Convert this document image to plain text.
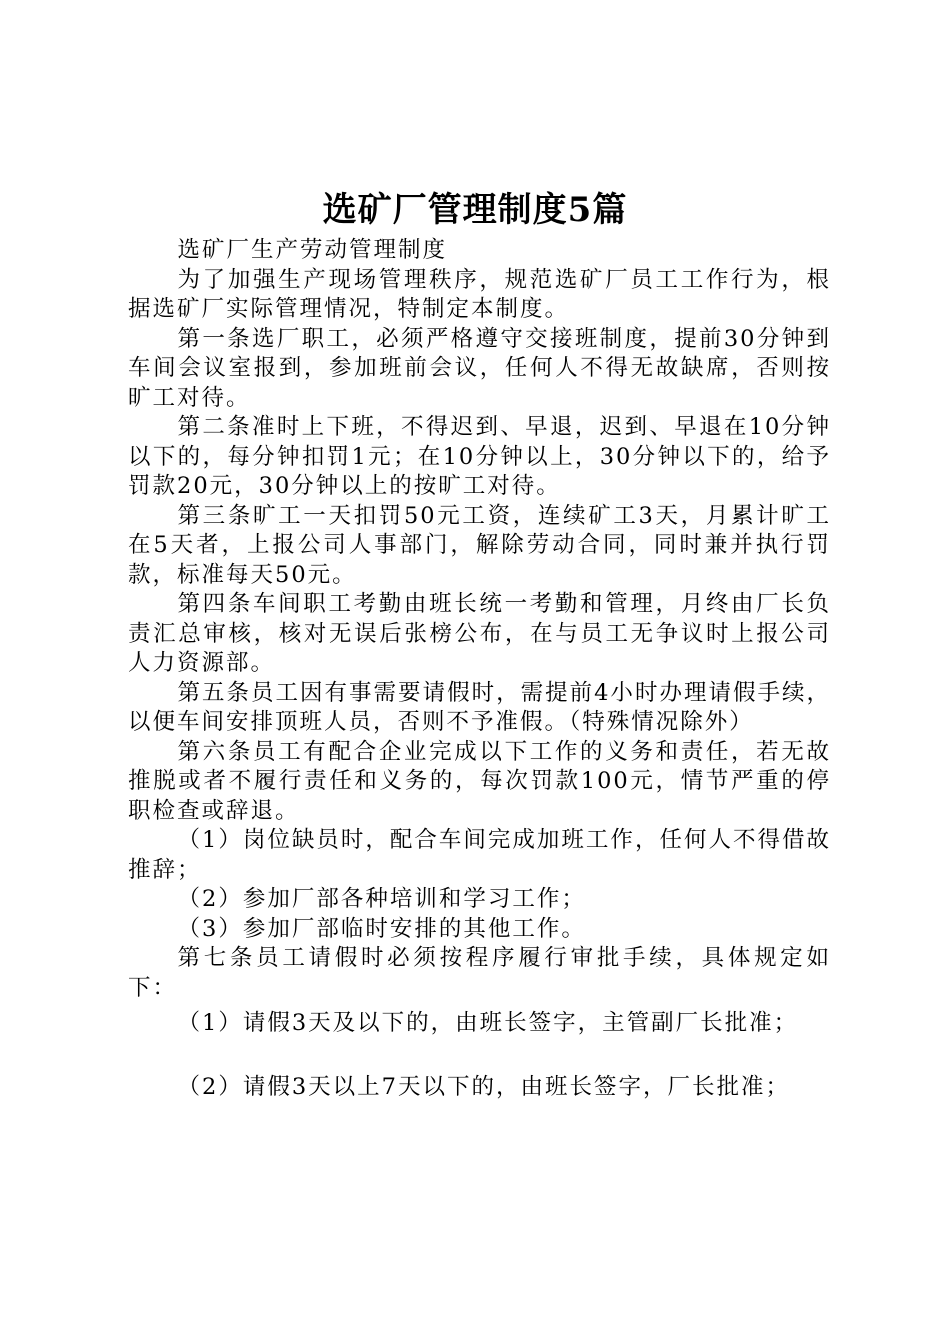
选矿厂管理制度5篇

选矿厂生产劳动管理制度

为了加强生产现场管理秩序，规范选矿厂员工工作行为，根据选矿厂实际管理情况，特制定本制度。

第一条选厂职工，必须严格遵守交接班制度，提前30分钟到车间会议室报到，参加班前会议，任何人不得无故缺席，否则按旷工对待。

第二条准时上下班，不得迟到、早退，迟到、早退在10分钟以下的，每分钟扣罚1元；在10分钟以上，30分钟以下的，给予罚款20元，30分钟以上的按旷工对待。

第三条旷工一天扣罚50元工资，连续矿工3天，月累计旷工在5天者，上报公司人事部门，解除劳动合同，同时兼并执行罚款，标准每天50元。

第四条车间职工考勤由班长统一考勤和管理，月终由厂长负责汇总审核，核对无误后张榜公布，在与员工无争议时上报公司人力资源部。

第五条员工因有事需要请假时，需提前4小时办理请假手续，以便车间安排顶班人员，否则不予准假。（特殊情况除外）

第六条员工有配合企业完成以下工作的义务和责任，若无故推脱或者不履行责任和义务的，每次罚款100元，情节严重的停职检查或辞退。

（1）岗位缺员时，配合车间完成加班工作，任何人不得借故推辞；

（2）参加厂部各种培训和学习工作；

（3）参加厂部临时安排的其他工作。

第七条员工请假时必须按程序履行审批手续，具体规定如下：

（1）请假3天及以下的，由班长签字，主管副厂长批准；

（2）请假3天以上7天以下的，由班长签字，厂长批准；
